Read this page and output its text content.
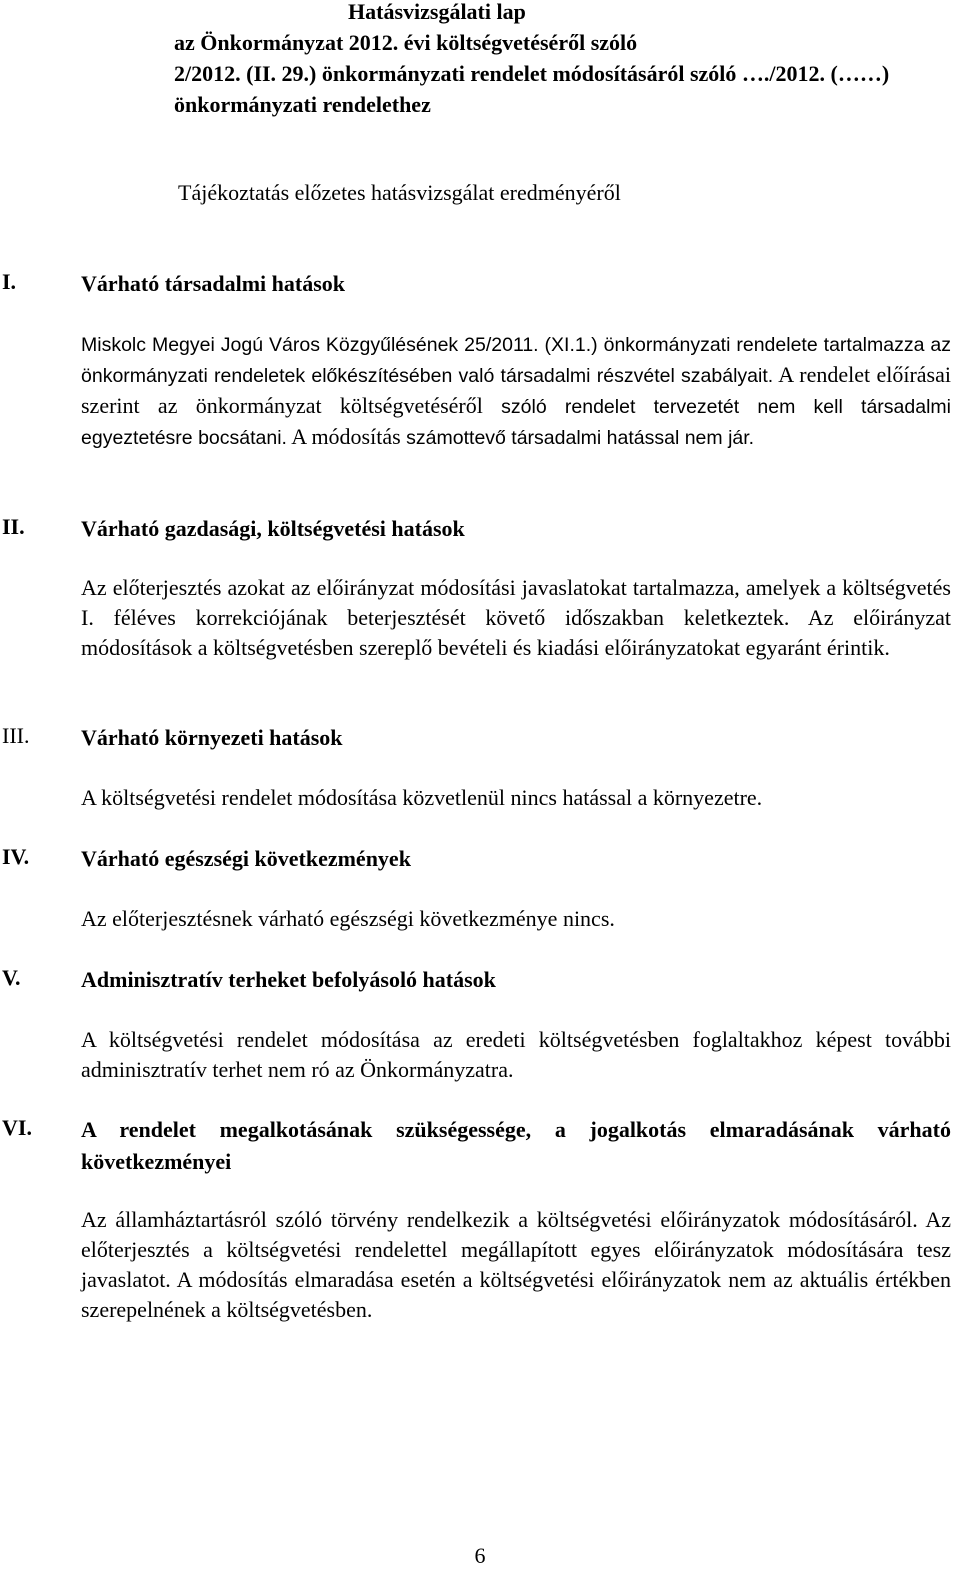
Hatásvizsgálati lap
az Önkormányzat 2012. évi költségvetéséről szóló
2/2012. (II. 29.) önkormányzati rendelet módosításáról szóló …./2012. (……)
önkormányzati rendelethez
Tájékoztatás előzetes hatásvizsgálat eredményéről
I.	Várható társadalmi hatások
Miskolc Megyei Jogú Város Közgyűlésének 25/2011. (XI.1.) önkormányzati rendelete tartalmazza az önkormányzati rendeletek előkészítésében való társadalmi részvétel szabályait. A rendelet előírásai szerint az önkormányzat költségvetéséről szóló rendelet tervezetét nem kell társadalmi egyeztetésre bocsátani. A módosítás számottevő társadalmi hatással nem jár.
II.	Várható gazdasági, költségvetési hatások
Az előterjesztés azokat az előirányzat módosítási javaslatokat tartalmazza, amelyek a költségvetés I. féléves korrekciójának beterjesztését követő időszakban keletkeztek. Az előirányzat módosítások a költségvetésben szereplő bevételi és kiadási előirányzatokat egyaránt érintik.
III. Várható környezeti hatások
A költségvetési rendelet módosítása közvetlenül nincs hatással a környezetre.
IV. Várható egészségi következmények
Az előterjesztésnek várható egészségi következménye nincs.
V.	Adminisztratív terheket befolyásoló hatások
A költségvetési rendelet módosítása az eredeti költségvetésben foglaltakhoz képest további adminisztratív terhet nem ró az Önkormányzatra.
VI. A rendelet megalkotásának szükségessége, a jogalkotás elmaradásának várható következményei
Az államháztartásról szóló törvény rendelkezik a költségvetési előirányzatok módosításáról. Az előterjesztés a költségvetési rendelettel megállapított egyes előirányzatok módosítására tesz javaslatot. A módosítás elmaradása esetén a költségvetési előirányzatok nem az aktuális értékben szerepelnének a költségvetésben.
6
